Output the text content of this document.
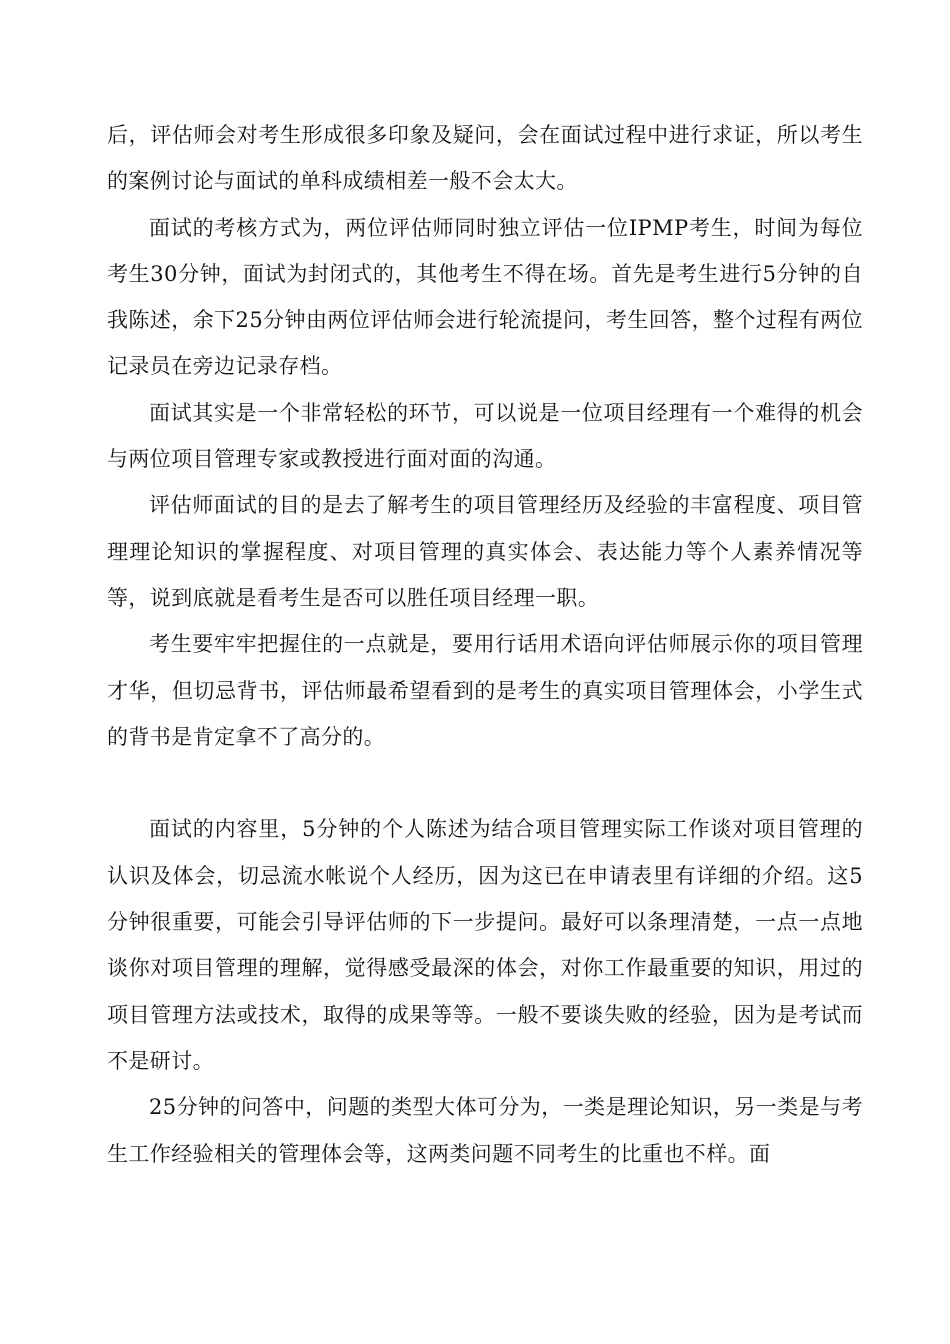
后，评估师会对考生形成很多印象及疑问，会在面试过程中进行求证，所以考生的案例讨论与面试的单科成绩相差一般不会太大。

面试的考核方式为，两位评估师同时独立评估一位IPMP考生，时间为每位考生30分钟，面试为封闭式的，其他考生不得在场。首先是考生进行5分钟的自我陈述，余下25分钟由两位评估师会进行轮流提问，考生回答，整个过程有两位记录员在旁边记录存档。

面试其实是一个非常轻松的环节，可以说是一位项目经理有一个难得的机会与两位项目管理专家或教授进行面对面的沟通。

评估师面试的目的是去了解考生的项目管理经历及经验的丰富程度、项目管理理论知识的掌握程度、对项目管理的真实体会、表达能力等个人素养情况等等，说到底就是看考生是否可以胜任项目经理一职。

考生要牢牢把握住的一点就是，要用行话用术语向评估师展示你的项目管理才华，但切忌背书，评估师最希望看到的是考生的真实项目管理体会，小学生式的背书是肯定拿不了高分的。

面试的内容里，5分钟的个人陈述为结合项目管理实际工作谈对项目管理的认识及体会，切忌流水帐说个人经历，因为这已在申请表里有详细的介绍。这5分钟很重要，可能会引导评估师的下一步提问。最好可以条理清楚，一点一点地谈你对项目管理的理解，觉得感受最深的体会，对你工作最重要的知识，用过的项目管理方法或技术，取得的成果等等。一般不要谈失败的经验，因为是考试而不是研讨。

25分钟的问答中，问题的类型大体可分为，一类是理论知识，另一类是与考生工作经验相关的管理体会等，这两类问题不同考生的比重也不样。面
